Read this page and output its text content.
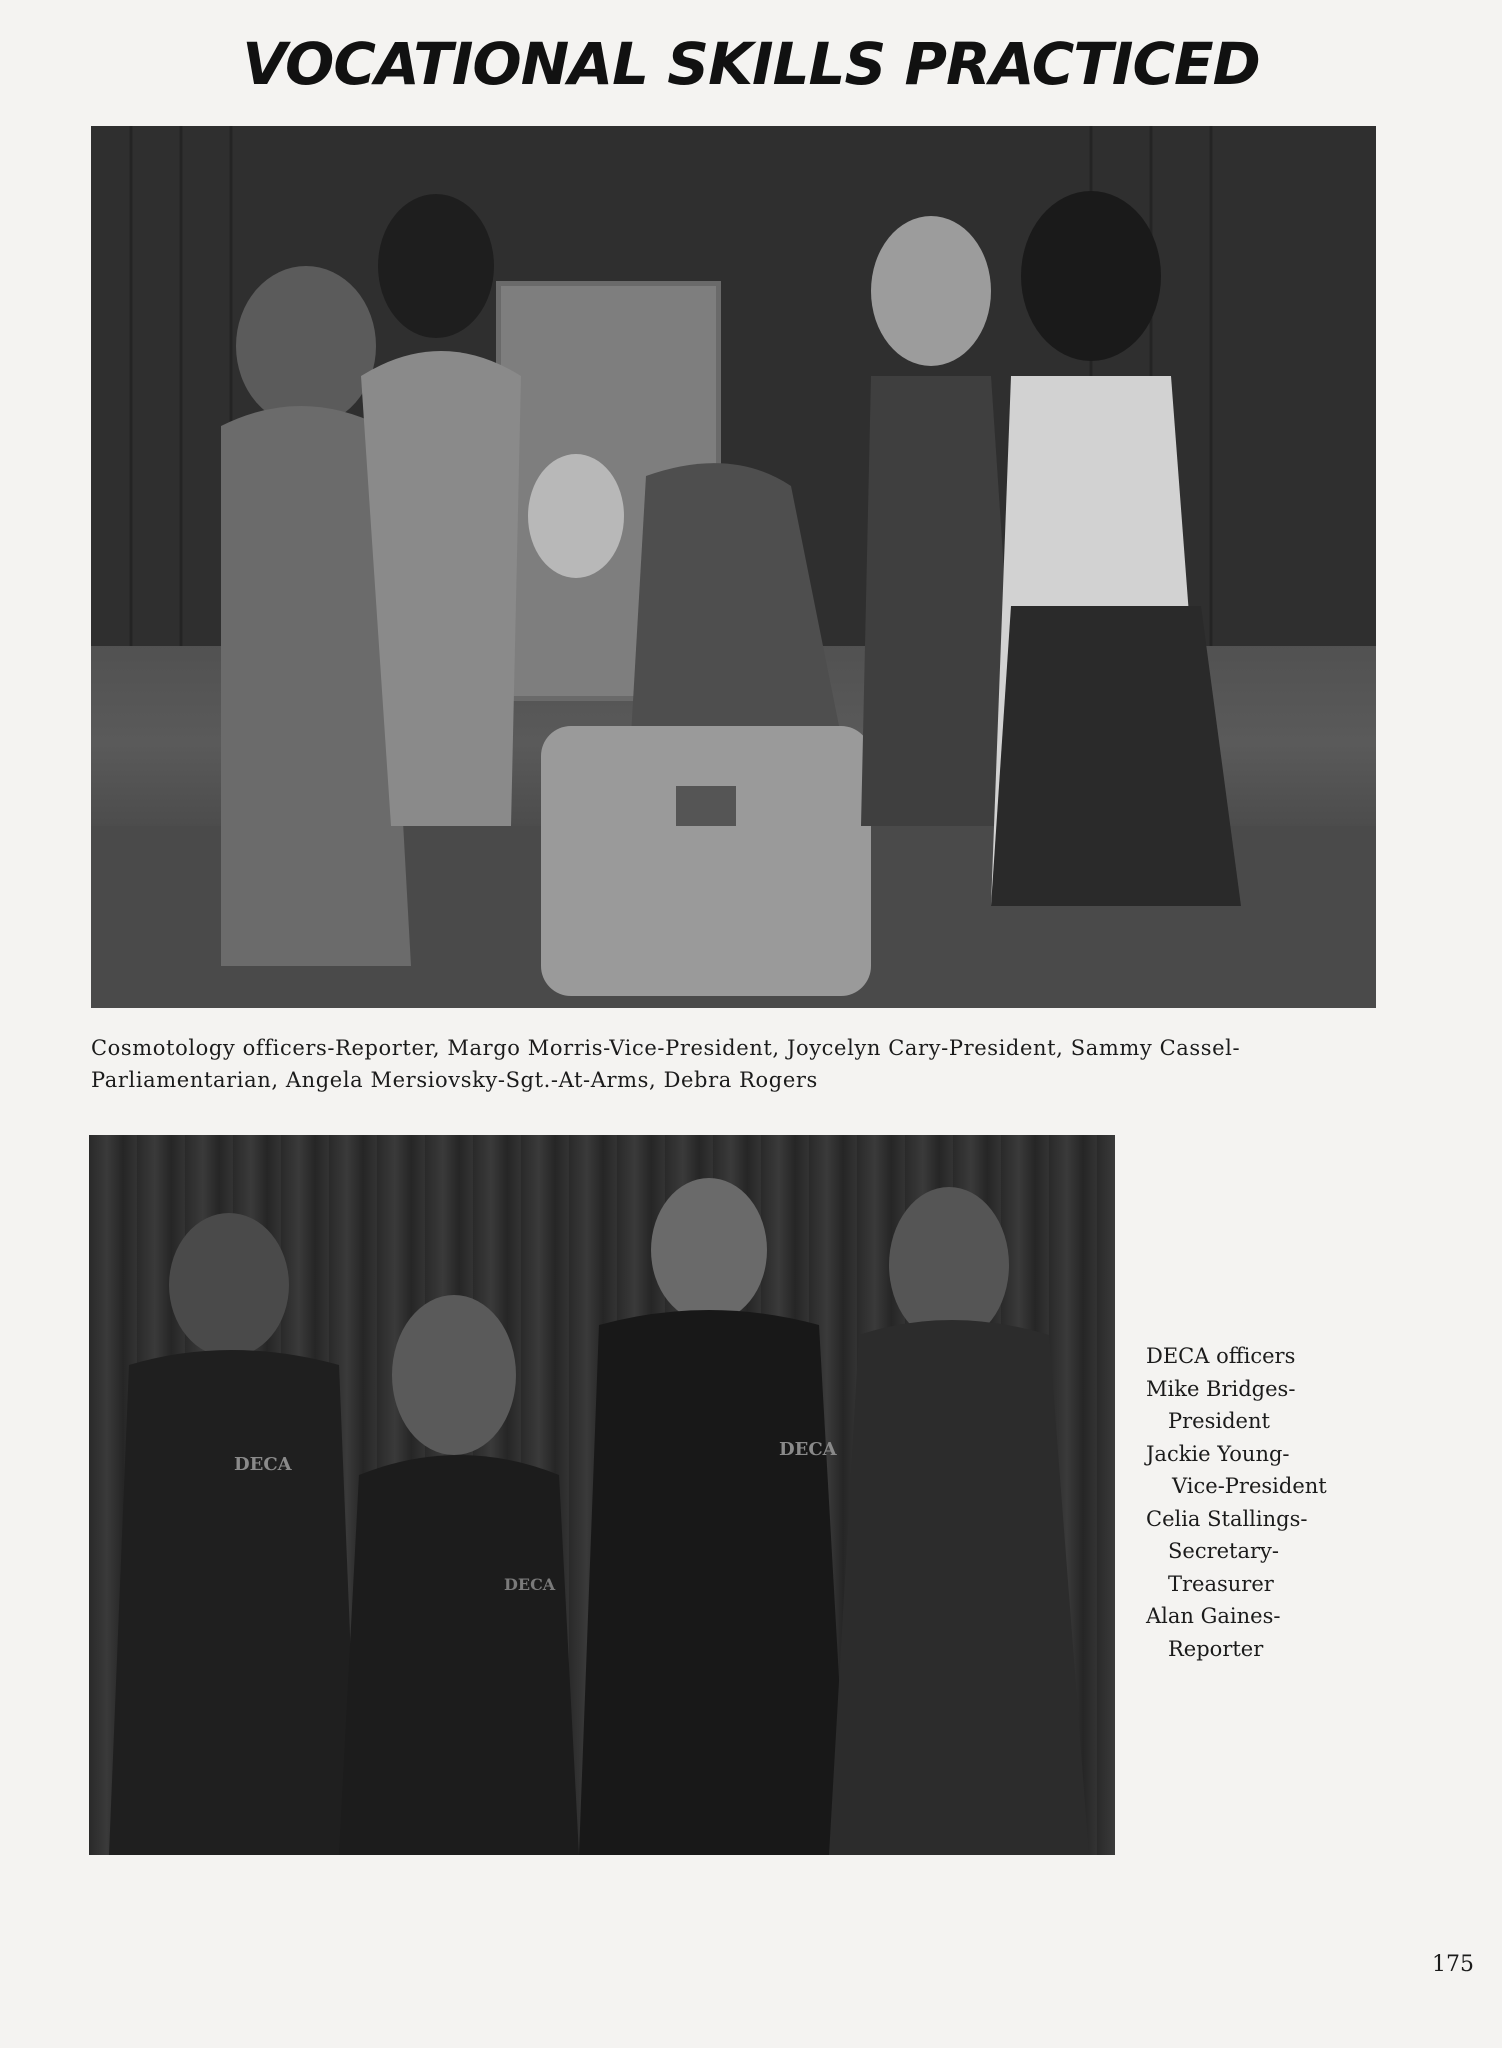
VOCATIONAL SKILLS PRACTICED

Cosmotology officers-Reporter, Margo Morris-Vice-President, Joycelyn Cary-President, Sammy Cassel-Parliamentarian, Angela Mersiovsky-Sgt.-At-Arms, Debra Rogers

DECA
DECA
DECA
DECA officers
Mike Bridges-
President
Jackie Young-
Vice-President
Celia Stallings-
Secretary-
Treasurer
Alan Gaines-
Reporter

175
